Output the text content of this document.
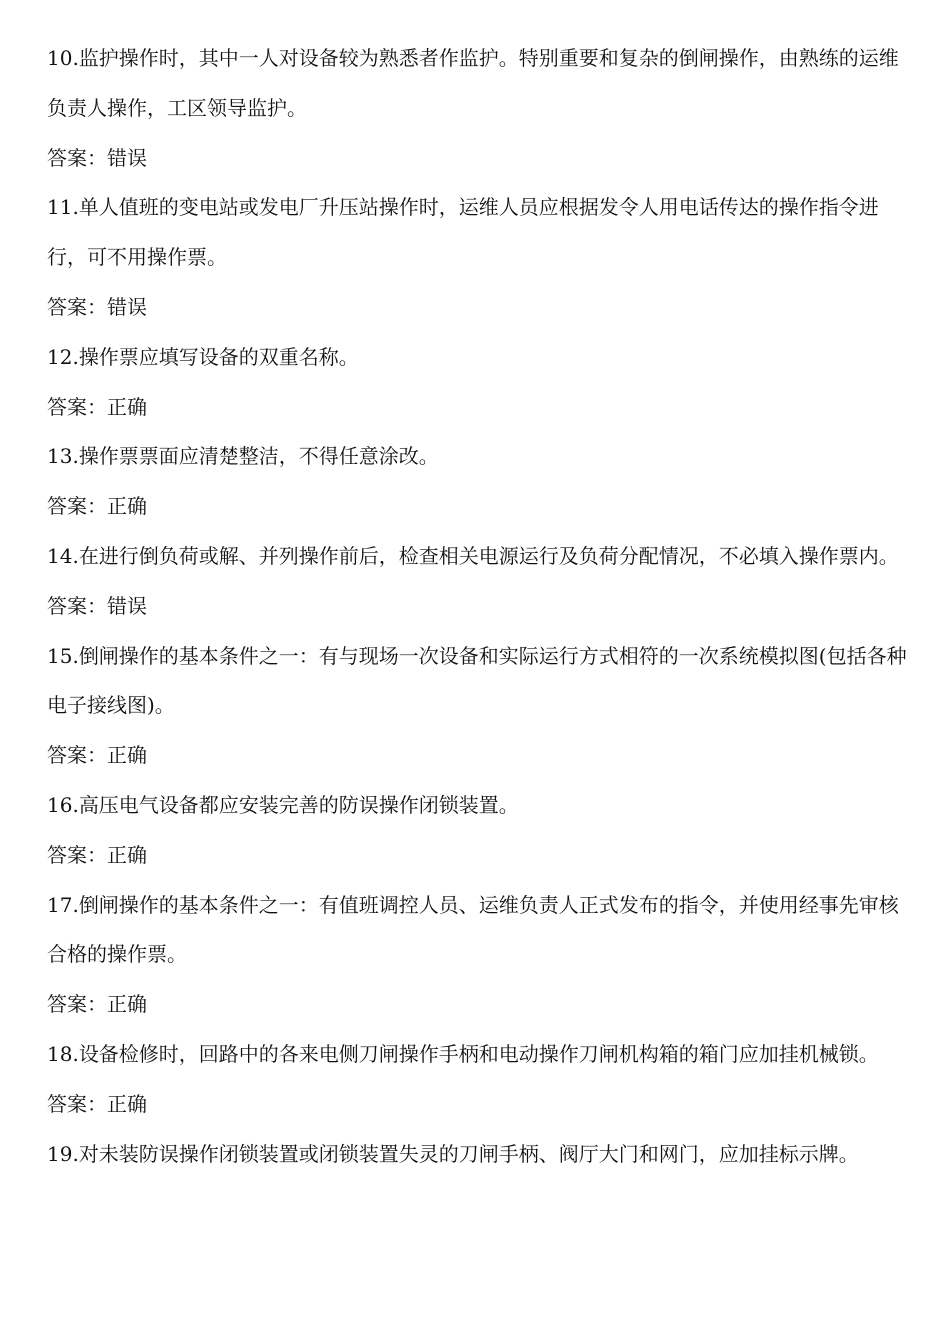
10.监护操作时，其中一人对设备较为熟悉者作监护。特别重要和复杂的倒闸操作，由熟练的运维负责人操作，工区领导监护。

答案：错误

11.单人值班的变电站或发电厂升压站操作时，运维人员应根据发令人用电话传达的操作指令进行，可不用操作票。

答案：错误

12.操作票应填写设备的双重名称。

答案：正确

13.操作票票面应清楚整洁，不得任意涂改。

答案：正确

14.在进行倒负荷或解、并列操作前后，检查相关电源运行及负荷分配情况，不必填入操作票内。

答案：错误

15.倒闸操作的基本条件之一：有与现场一次设备和实际运行方式相符的一次系统模拟图(包括各种电子接线图)。

答案：正确

16.高压电气设备都应安装完善的防误操作闭锁装置。

答案：正确

17.倒闸操作的基本条件之一：有值班调控人员、运维负责人正式发布的指令，并使用经事先审核合格的操作票。

答案：正确

18.设备检修时，回路中的各来电侧刀闸操作手柄和电动操作刀闸机构箱的箱门应加挂机械锁。

答案：正确

19.对未装防误操作闭锁装置或闭锁装置失灵的刀闸手柄、阀厅大门和网门，应加挂标示牌。
